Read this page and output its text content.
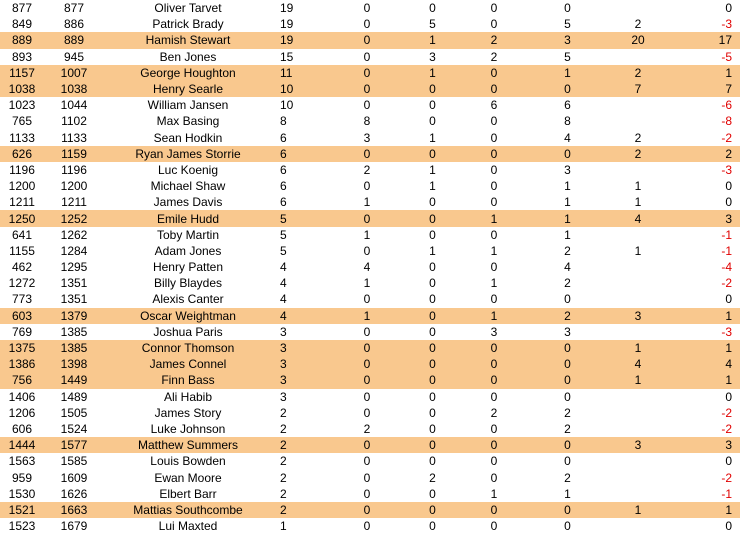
877	877	Oliver Tarvet	19	0	0	0	0		0
849	886	Patrick Brady	19	0	5	0	5	2	-3
889	889	Hamish Stewart	19	0	1	2	3	20	17
893	945	Ben Jones	15	0	3	2	5		-5
1157	1007	George Houghton	11	0	1	0	1	2	1
1038	1038	Henry Searle	10	0	0	0	0	7	7
1023	1044	William Jansen	10	0	0	6	6		-6
765	1102	Max Basing	8	8	0	0	8		-8
1133	1133	Sean Hodkin	6	3	1	0	4	2	-2
626	1159	Ryan James Storrie	6	0	0	0	0	2	2
1196	1196	Luc Koenig	6	2	1	0	3		-3
1200	1200	Michael Shaw	6	0	1	0	1	1	0
1211	1211	James Davis	6	1	0	0	1	1	0
1250	1252	Emile Hudd	5	0	0	1	1	4	3
641	1262	Toby Martin	5	1	0	0	1		-1
1155	1284	Adam Jones	5	0	1	1	2	1	-1
462	1295	Henry Patten	4	4	0	0	4		-4
1272	1351	Billy Blaydes	4	1	0	1	2		-2
773	1351	Alexis Canter	4	0	0	0	0		0
603	1379	Oscar Weightman	4	1	0	1	2	3	1
769	1385	Joshua Paris	3	0	0	3	3		-3
1375	1385	Connor Thomson	3	0	0	0	0	1	1
1386	1398	James Connel	3	0	0	0	0	4	4
756	1449	Finn Bass	3	0	0	0	0	1	1
1406	1489	Ali Habib	3	0	0	0	0		0
1206	1505	James Story	2	0	0	2	2		-2
606	1524	Luke Johnson	2	2	0	0	2		-2
1444	1577	Matthew Summers	2	0	0	0	0	3	3
1563	1585	Louis Bowden	2	0	0	0	0		0
959	1609	Ewan Moore	2	0	2	0	2		-2
1530	1626	Elbert Barr	2	0	0	1	1		-1
1521	1663	Mattias Southcombe	2	0	0	0	0	1	1
1523	1679	Lui Maxted	1	0	0	0	0		0
